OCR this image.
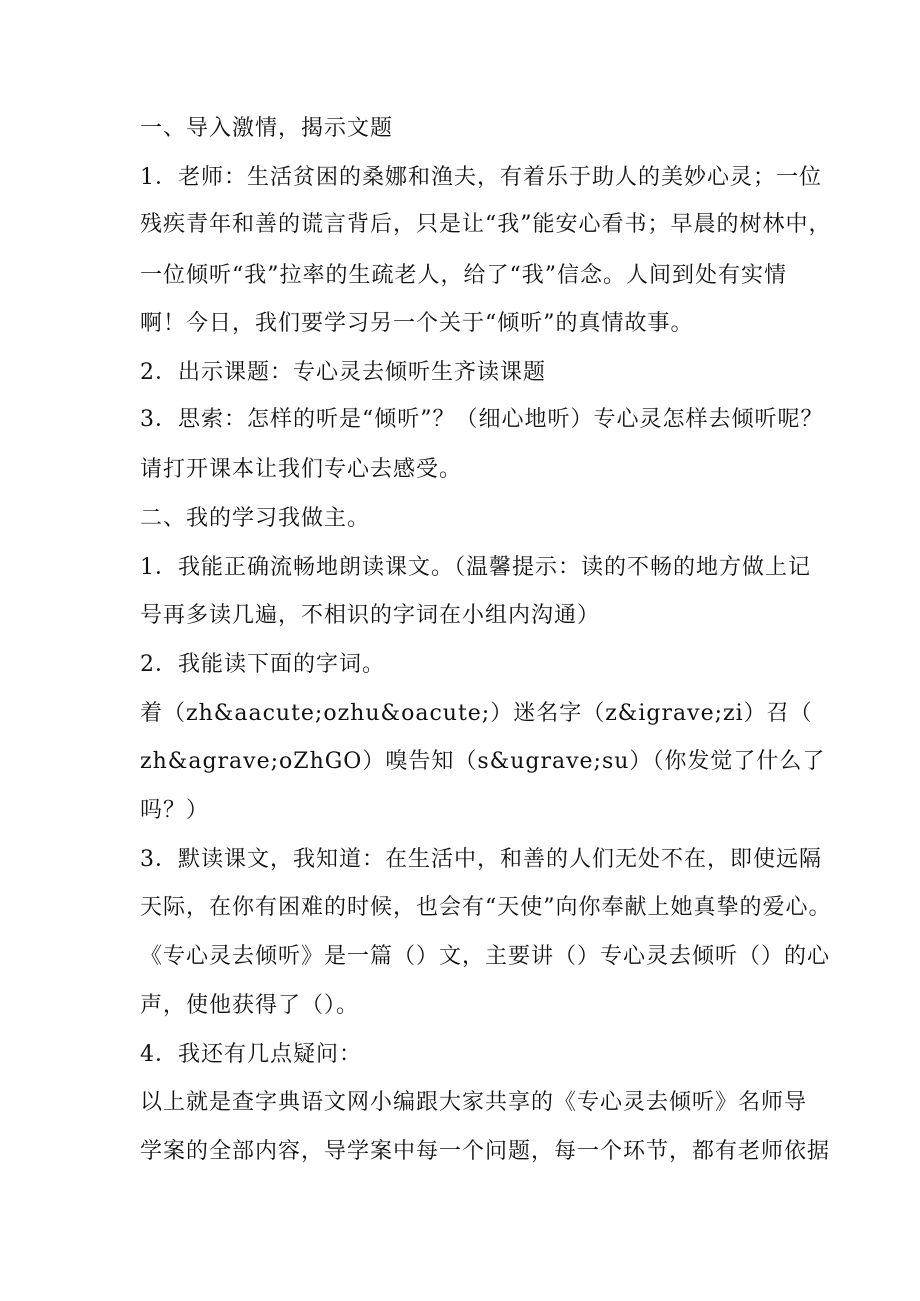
一、导入激情，揭示文题
1．老师：生活贫困的桑娜和渔夫，有着乐于助人的美妙心灵；一位
残疾青年和善的谎言背后，只是让“我”能安心看书；早晨的树林中，
一位倾听“我”拉率的生疏老人，给了“我”信念。人间到处有实情
啊！今日，我们要学习另一个关于“倾听”的真情故事。
2．出示课题：专心灵去倾听生齐读课题
3．思索：怎样的听是“倾听”？（细心地听）专心灵怎样去倾听呢？
请打开课本让我们专心去感受。
二、我的学习我做主。
1．我能正确流畅地朗读课文。（温馨提示：读的不畅的地方做上记
号再多读几遍，不相识的字词在小组内沟通）
2．我能读下面的字词。
着（zh&aacute;ozhu&oacute;）迷名字（z&igrave;zi）召（
zh&agrave;oZhGO）嗅告知（s&ugrave;su）（你发觉了什么了
吗？）
3．默读课文，我知道：在生活中，和善的人们无处不在，即使远隔
天际，在你有困难的时候，也会有“天使”向你奉献上她真挚的爱心。
《专心灵去倾听》是一篇（）文，主要讲（）专心灵去倾听（）的心
声，使他获得了（）。
4．我还有几点疑问：
以上就是查字典语文网小编跟大家共享的《专心灵去倾听》名师导
学案的全部内容，导学案中每一个问题，每一个环节，都有老师依据
